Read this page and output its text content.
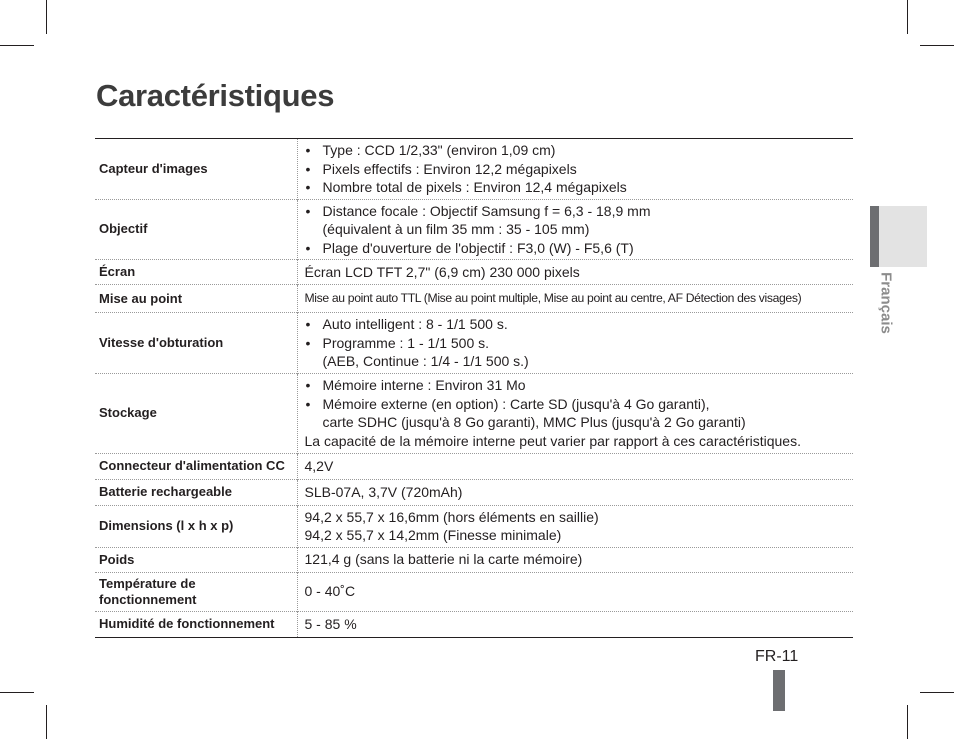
Caractéristiques
Capteur d'images	• Type : CCD 1/2,33" (environ 1,09 cm)
• Pixels effectifs : Environ 12,2 mégapixels
• Nombre total de pixels : Environ 12,4 mégapixels

Objectif	• Distance focale : Objectif Samsung f = 6,3 - 18,9 mm
(équivalent à un film 35 mm : 35 - 105 mm)
• Plage d'ouverture de l'objectif : F3,0 (W) - F5,6 (T)

Écran	Écran LCD TFT 2,7" (6,9 cm) 230 000 pixels

Mise au point	Mise au point auto TTL (Mise au point multiple, Mise au point au centre, AF Détection des visages)

Vitesse d'obturation	• Auto intelligent : 8 - 1/1 500 s.
• Programme : 1 - 1/1 500 s.
(AEB, Continue : 1/4 - 1/1 500 s.)

Stockage	• Mémoire interne : Environ 31 Mo
• Mémoire externe (en option) : Carte SD (jusqu'à 4 Go garanti),
carte SDHC (jusqu'à 8 Go garanti), MMC Plus (jusqu'à 2 Go garanti)
La capacité de la mémoire interne peut varier par rapport à ces caractéristiques.

Connecteur d'alimentation CC	4,2V

Batterie rechargeable	SLB-07A, 3,7V (720mAh)

Dimensions (l x h x p)	94,2 x 55,7 x 16,6mm (hors éléments en saillie)
94,2 x 55,7 x 14,2mm (Finesse minimale)

Poids	121,4 g (sans la batterie ni la carte mémoire)

Température de fonctionnement	0 - 40˚C

Humidité de fonctionnement	5 - 85 %
Français
FR-11
